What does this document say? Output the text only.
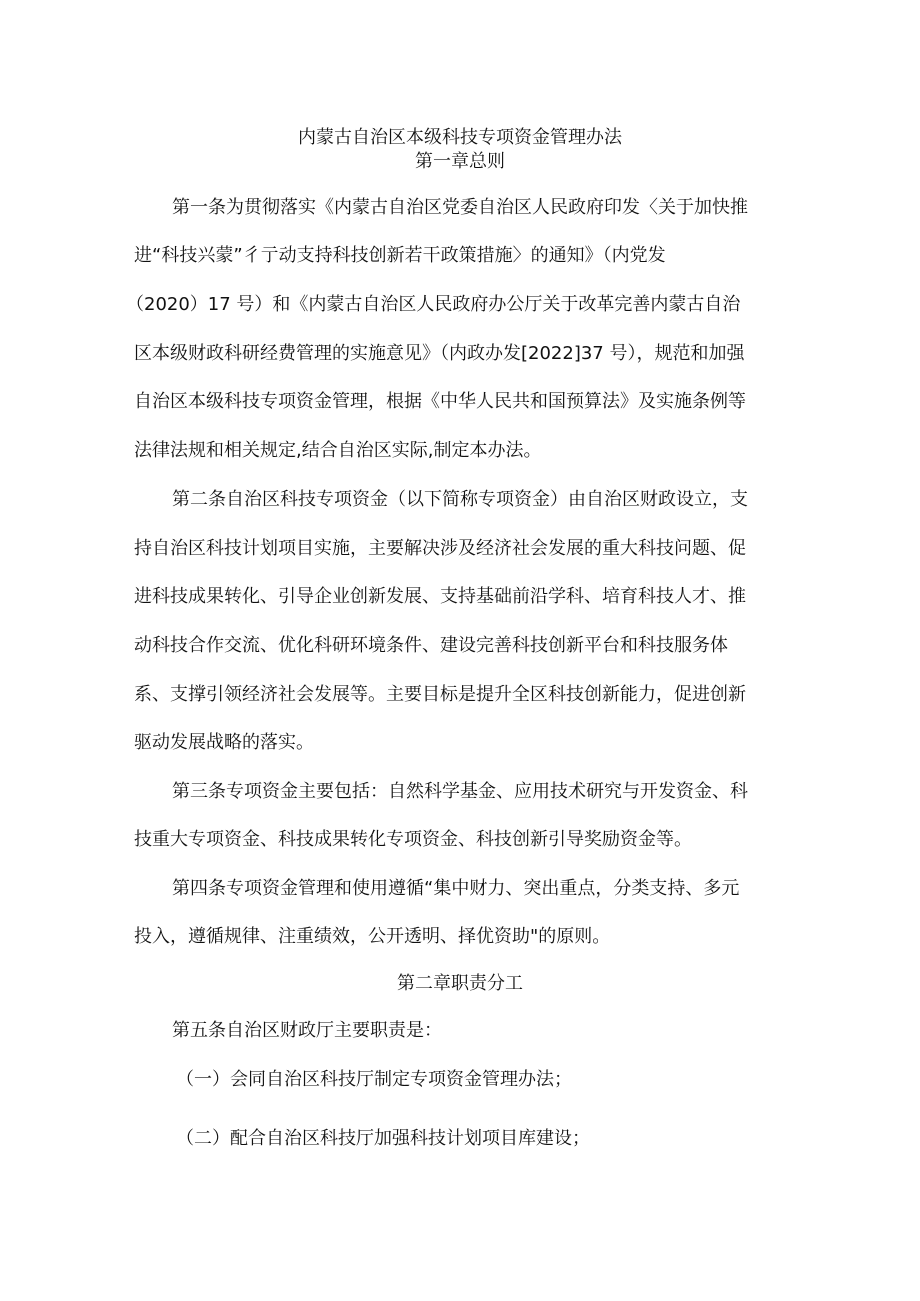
内蒙古自治区本级科技专项资金管理办法
第一章总则
第一条为贯彻落实《内蒙古自治区党委自治区人民政府印发〈关于加快推
进“科技兴蒙”彳亍动支持科技创新若干政策措施〉的通知》（内党发
（2020）17 号）和《内蒙古自治区人民政府办公厅关于改革完善内蒙古自治
区本级财政科研经费管理的实施意见》（内政办发[2022]37 号），规范和加强
自治区本级科技专项资金管理，根据《中华人民共和国预算法》及实施条例等
法律法规和相关规定,结合自治区实际,制定本办法。
第二条自治区科技专项资金（以下简称专项资金）由自治区财政设立，支
持自治区科技计划项目实施，主要解决涉及经济社会发展的重大科技问题、促
进科技成果转化、引导企业创新发展、支持基础前沿学科、培育科技人才、推
动科技合作交流、优化科研环境条件、建设完善科技创新平台和科技服务体
系、支撑引领经济社会发展等。主要目标是提升全区科技创新能力，促进创新
驱动发展战略的落实。
第三条专项资金主要包括：自然科学基金、应用技术研究与开发资金、科
技重大专项资金、科技成果转化专项资金、科技创新引导奖励资金等。
第四条专项资金管理和使用遵循“集中财力、突出重点，分类支持、多元
投入，遵循规律、注重绩效，公开透明、择优资助"的原则。
第二章职责分工
第五条自治区财政厅主要职责是：
（一）会同自治区科技厅制定专项资金管理办法；
（二）配合自治区科技厅加强科技计划项目库建设；
